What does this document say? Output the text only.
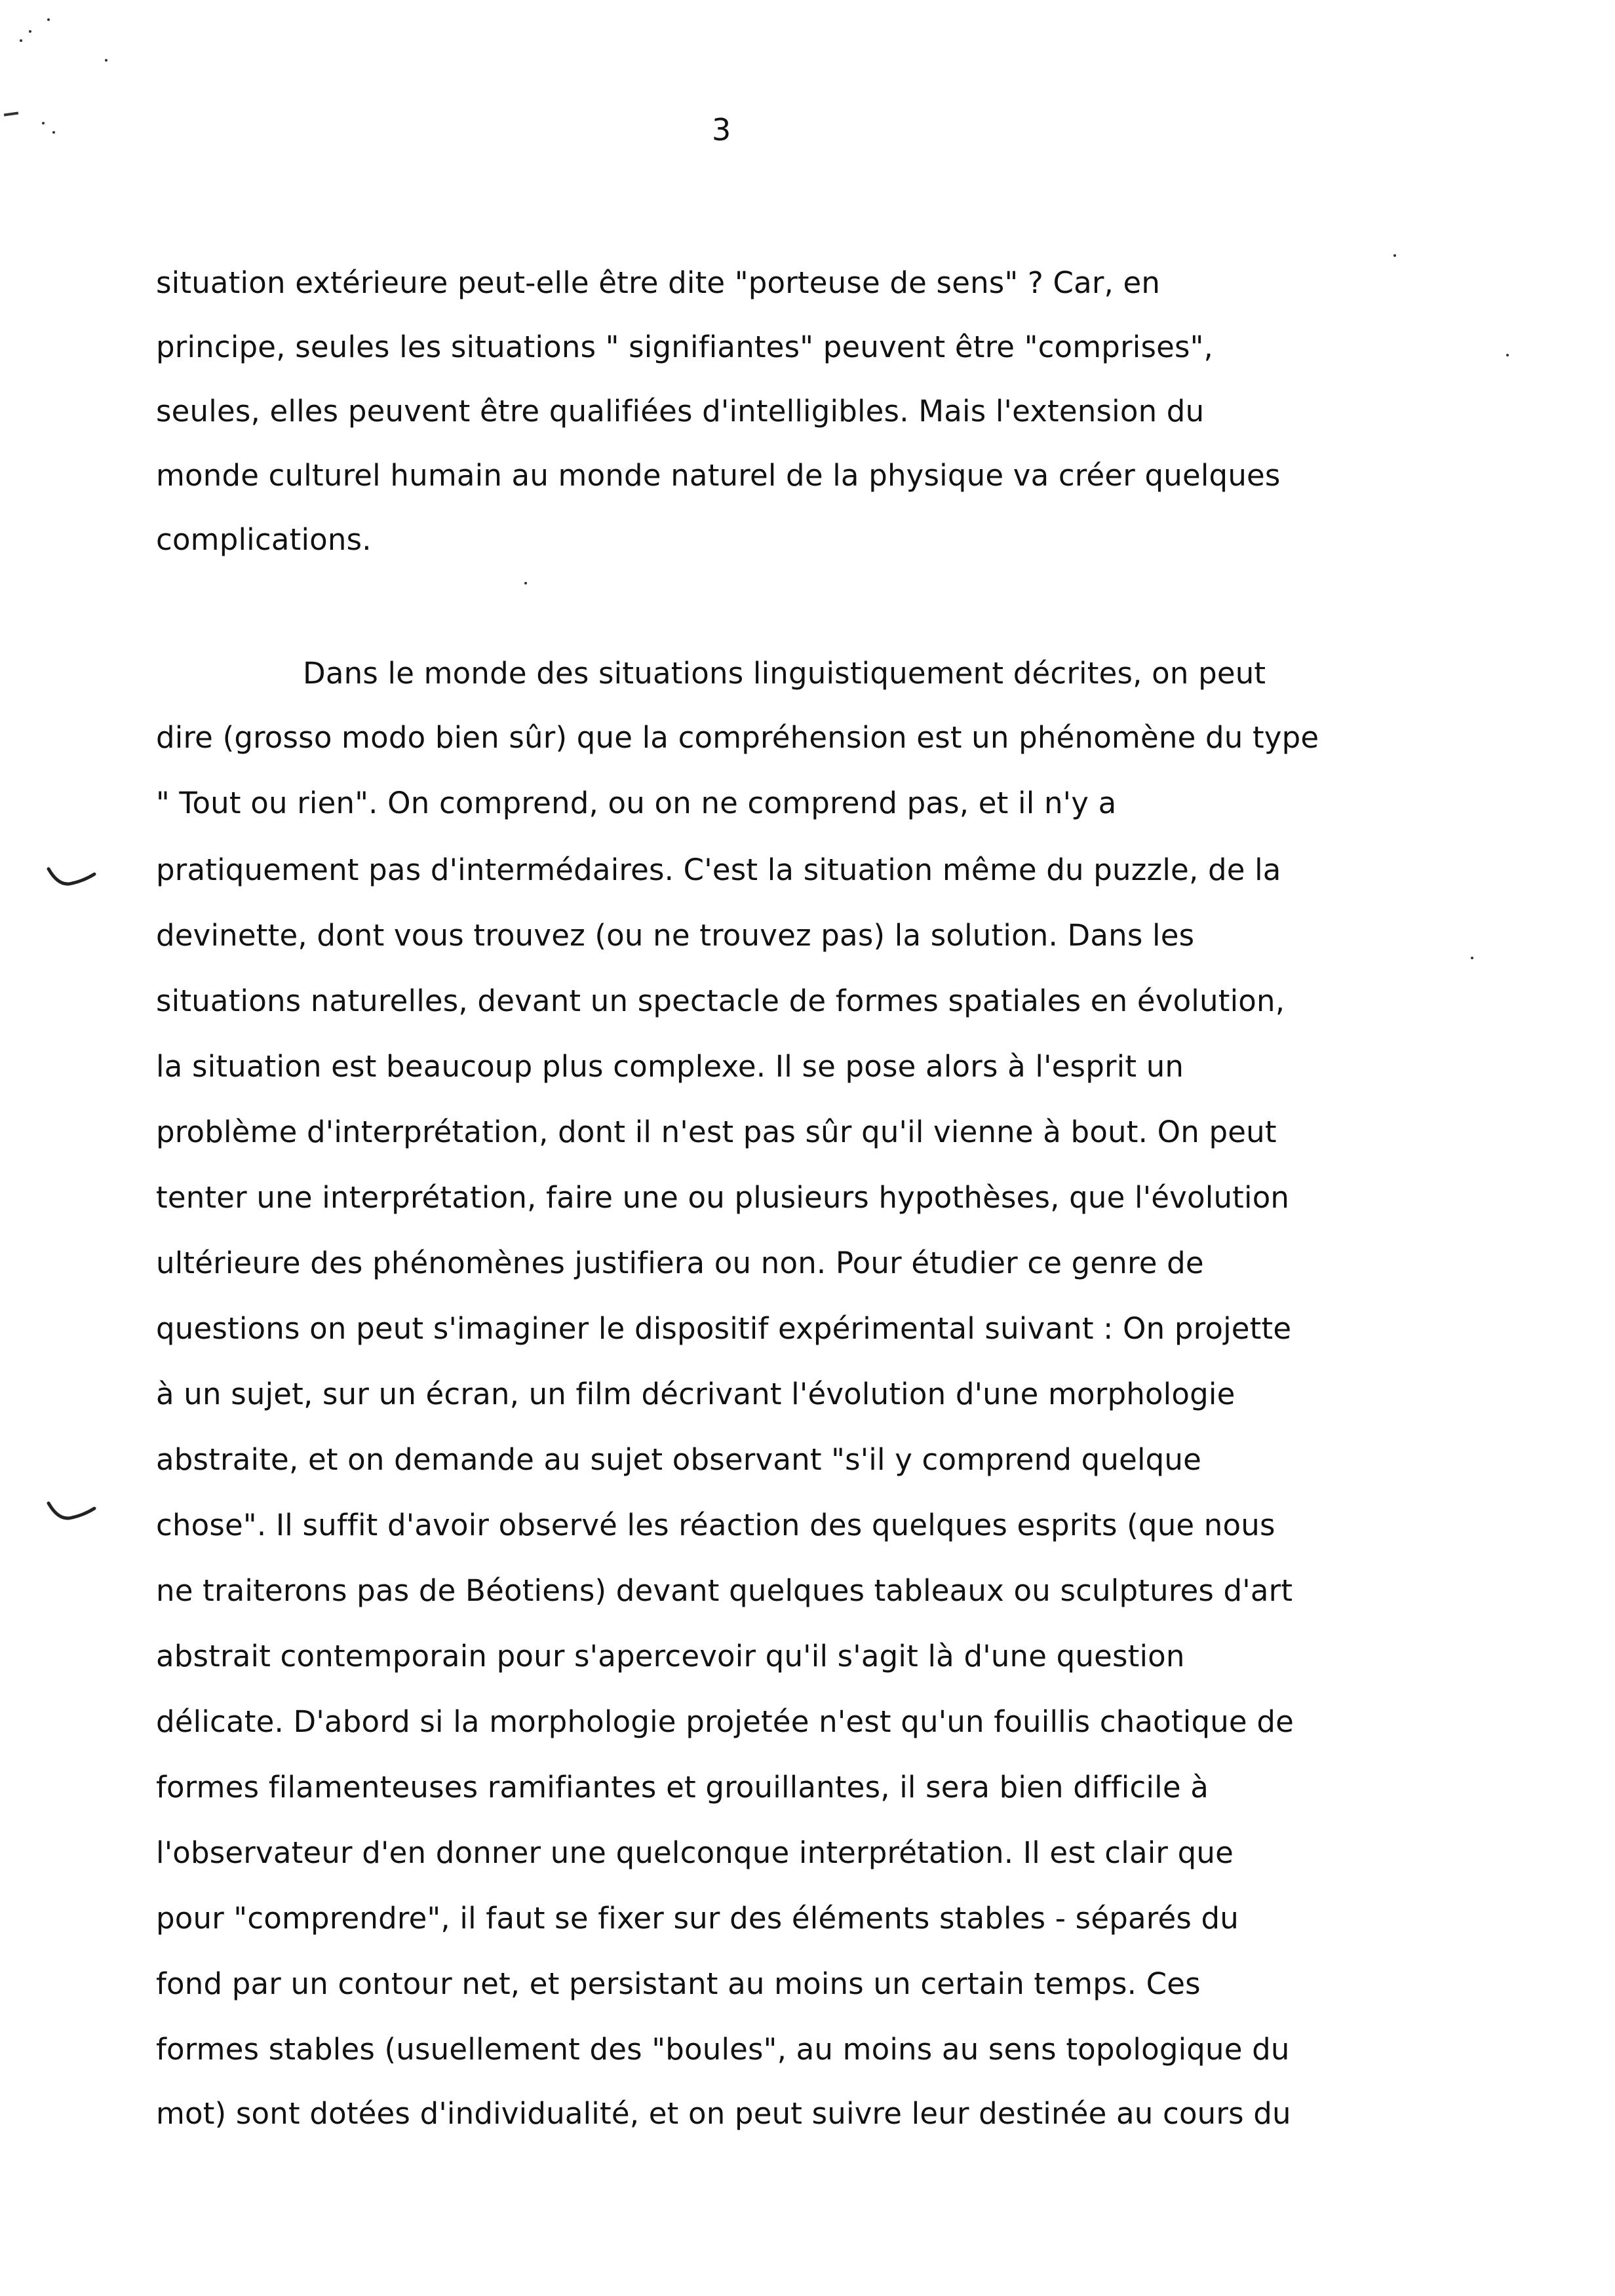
3
situation extérieure peut-elle être dite "porteuse de sens" ? Car, en
principe, seules les situations " signifiantes" peuvent être "comprises",
seules, elles peuvent être qualifiées d'intelligibles. Mais l'extension du
monde culturel humain au monde naturel de la physique va créer quelques
complications.
Dans le monde des situations linguistiquement décrites, on peut
dire (grosso modo bien sûr) que la compréhension est un phénomène du type
" Tout ou rien". On comprend, ou on ne comprend pas, et il n'y a
pratiquement pas d'intermédaires. C'est la situation même du puzzle, de la
devinette, dont vous trouvez (ou ne trouvez pas) la solution. Dans les
situations naturelles, devant un spectacle de formes spatiales en évolution,
la situation est beaucoup plus complexe. Il se pose alors à l'esprit un
problème d'interprétation, dont il n'est pas sûr qu'il vienne à bout. On peut
tenter une interprétation, faire une ou plusieurs hypothèses, que l'évolution
ultérieure des phénomènes justifiera ou non. Pour étudier ce genre de
questions on peut s'imaginer le dispositif expérimental suivant : On projette
à un sujet, sur un écran, un film décrivant l'évolution d'une morphologie
abstraite, et on demande au sujet observant "s'il y comprend quelque
chose". Il suffit d'avoir observé les réaction des quelques esprits (que nous
ne traiterons pas de Béotiens) devant quelques tableaux ou sculptures d'art
abstrait contemporain pour s'apercevoir qu'il s'agit là d'une question
délicate. D'abord si la morphologie projetée n'est qu'un fouillis chaotique de
formes filamenteuses ramifiantes et grouillantes, il sera bien difficile à
l'observateur d'en donner une quelconque interprétation. Il est clair que
pour "comprendre", il faut se fixer sur des éléments stables - séparés du
fond par un contour net, et persistant au moins un certain temps. Ces
formes stables (usuellement des "boules", au moins au sens topologique du
mot) sont dotées d'individualité, et on peut suivre leur destinée au cours du
